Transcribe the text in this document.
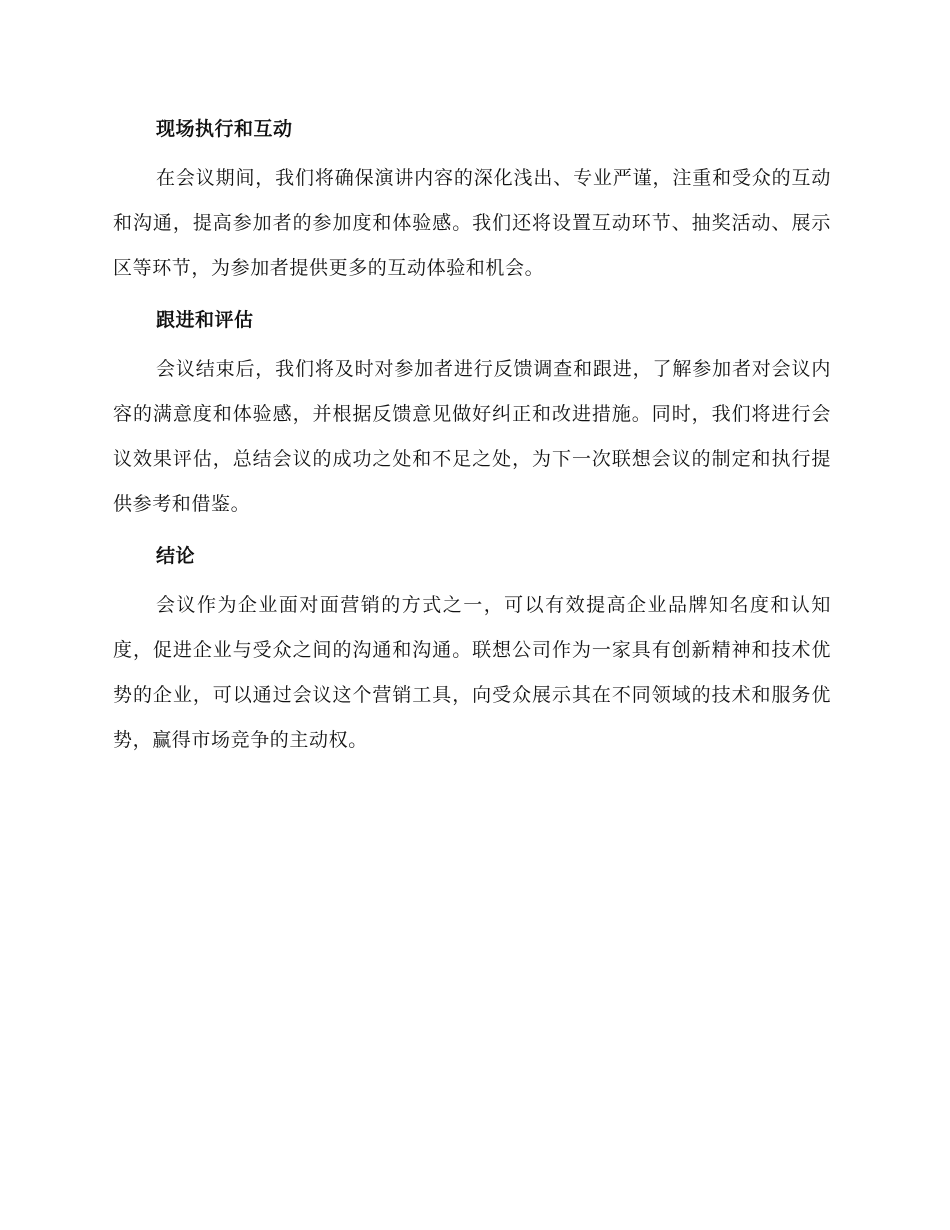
现场执行和互动

在会议期间，我们将确保演讲内容的深化浅出、专业严谨，注重和受众的互动和沟通，提高参加者的参加度和体验感。我们还将设置互动环节、抽奖活动、展示区等环节，为参加者提供更多的互动体验和机会。

跟进和评估

会议结束后，我们将及时对参加者进行反馈调查和跟进，了解参加者对会议内容的满意度和体验感，并根据反馈意见做好纠正和改进措施。同时，我们将进行会议效果评估，总结会议的成功之处和不足之处，为下一次联想会议的制定和执行提供参考和借鉴。

结论

会议作为企业面对面营销的方式之一，可以有效提高企业品牌知名度和认知度，促进企业与受众之间的沟通和沟通。联想公司作为一家具有创新精神和技术优势的企业，可以通过会议这个营销工具，向受众展示其在不同领域的技术和服务优势，赢得市场竞争的主动权。
